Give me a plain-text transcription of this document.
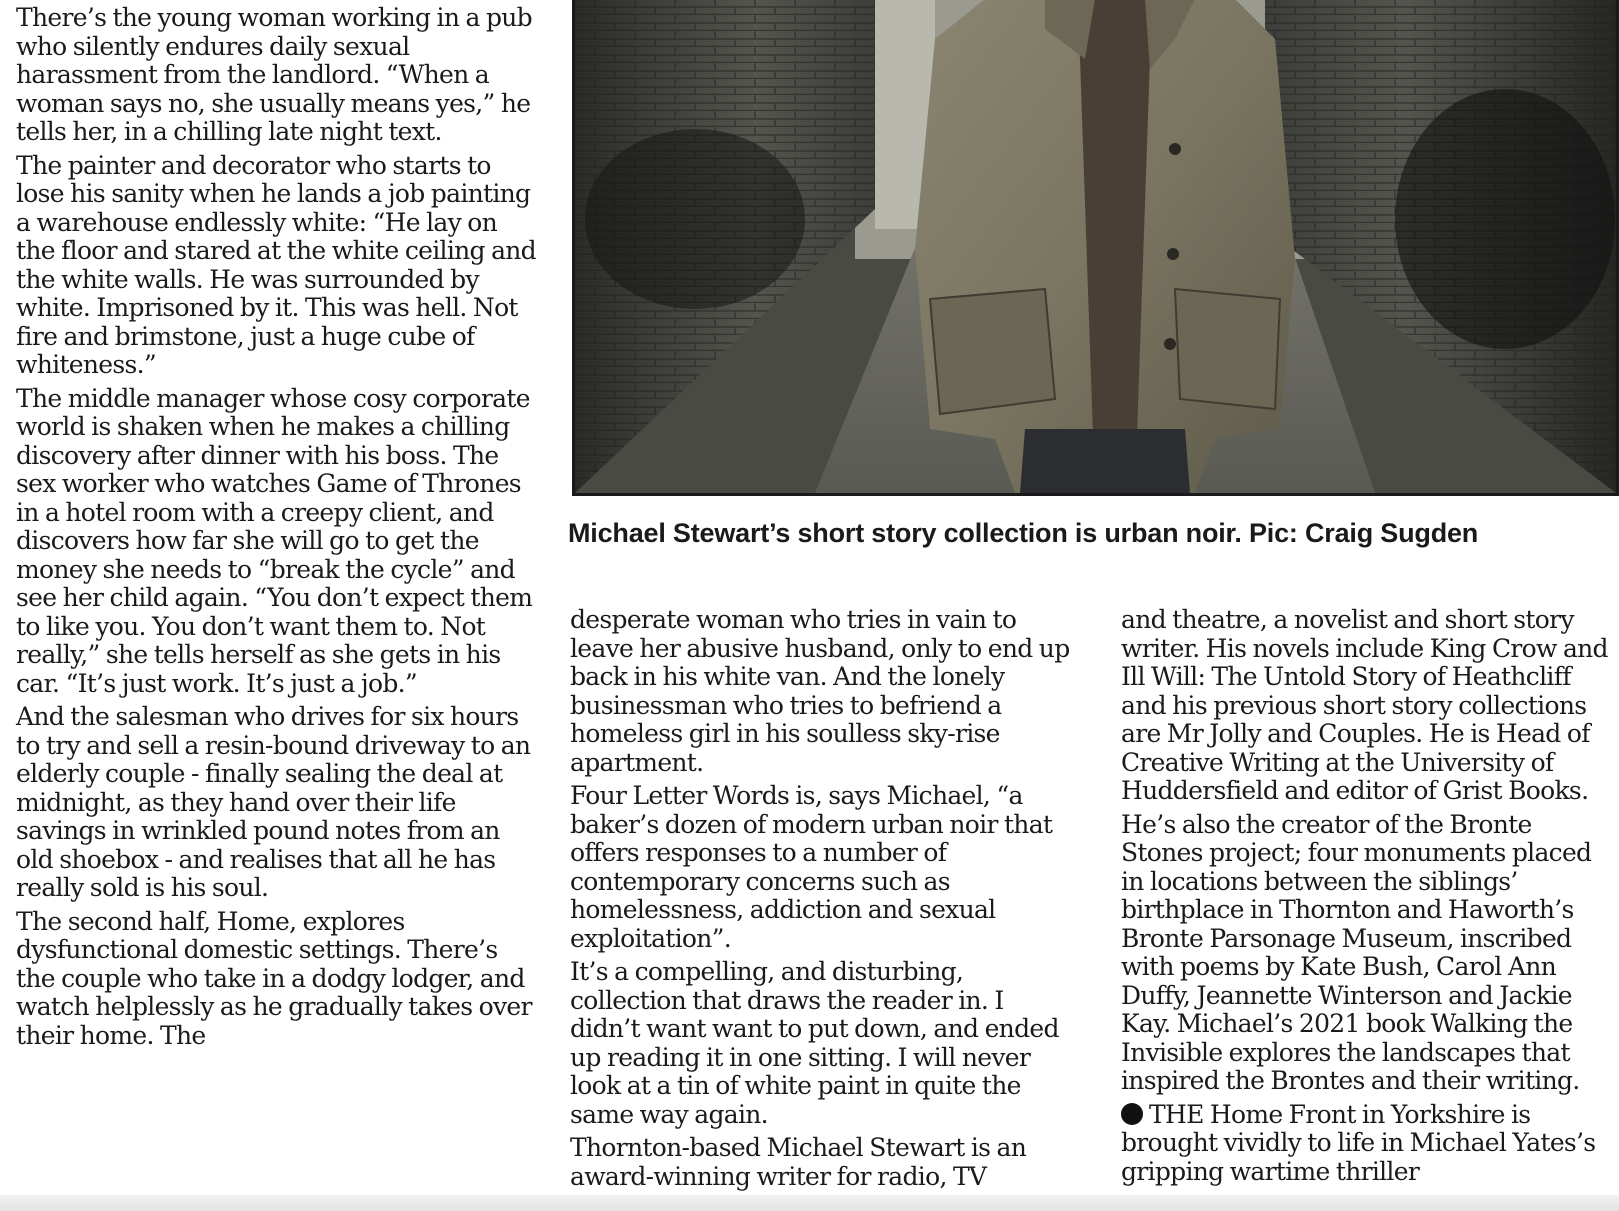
There’s the young woman working in a pub who silently endures daily sexual harassment from the landlord. “When a woman says no, she usually means yes,” he tells her, in a chilling late night text.

The painter and decorator who starts to lose his sanity when he lands a job painting a warehouse endlessly white: “He lay on the floor and stared at the white ceiling and the white walls. He was surrounded by white. Imprisoned by it. This was hell. Not fire and brimstone, just a huge cube of whiteness.”

The middle manager whose cosy corporate world is shaken when he makes a chilling discovery after dinner with his boss. The sex worker who watches Game of Thrones in a hotel room with a creepy client, and discovers how far she will go to get the money she needs to “break the cycle” and see her child again. “You don’t expect them to like you. You don’t want them to. Not really,” she tells herself as she gets in his car. “It’s just work. It’s just a job.”

And the salesman who drives for six hours to try and sell a resin-bound driveway to an elderly couple - finally sealing the deal at midnight, as they hand over their life savings in wrinkled pound notes from an old shoebox - and realises that all he has really sold is his soul.

The second half, Home, explores dysfunctional domestic settings. There’s the couple who take in a dodgy lodger, and watch helplessly as he gradually takes over their home. The

Michael Stewart’s short story collection is urban noir. Pic: Craig Sugden

desperate woman who tries in vain to leave her abusive husband, only to end up back in his white van. And the lonely businessman who tries to befriend a homeless girl in his soulless sky-rise apartment.

Four Letter Words is, says Michael, “a baker’s dozen of modern urban noir that offers responses to a number of contemporary concerns such as homelessness, addiction and sexual exploitation”.

It’s a compelling, and disturbing, collection that draws the reader in. I didn’t want want to put down, and ended up reading it in one sitting. I will never look at a tin of white paint in quite the same way again.

Thornton-based Michael Stewart is an award-winning writer for radio, TV

and theatre, a novelist and short story writer. His novels include King Crow and Ill Will: The Untold Story of Heathcliff and his previous short story collections are Mr Jolly and Couples. He is Head of Creative Writing at the University of Huddersfield and editor of Grist Books.

He’s also the creator of the Bronte Stones project; four monuments placed in locations between the siblings’ birthplace in Thornton and Haworth’s Bronte Parsonage Museum, inscribed with poems by Kate Bush, Carol Ann Duffy, Jeannette Winterson and Jackie Kay. Michael’s 2021 book Walking the Invisible explores the landscapes that inspired the Brontes and their writing.

THE Home Front in Yorkshire is brought vividly to life in Michael Yates’s gripping wartime thriller
